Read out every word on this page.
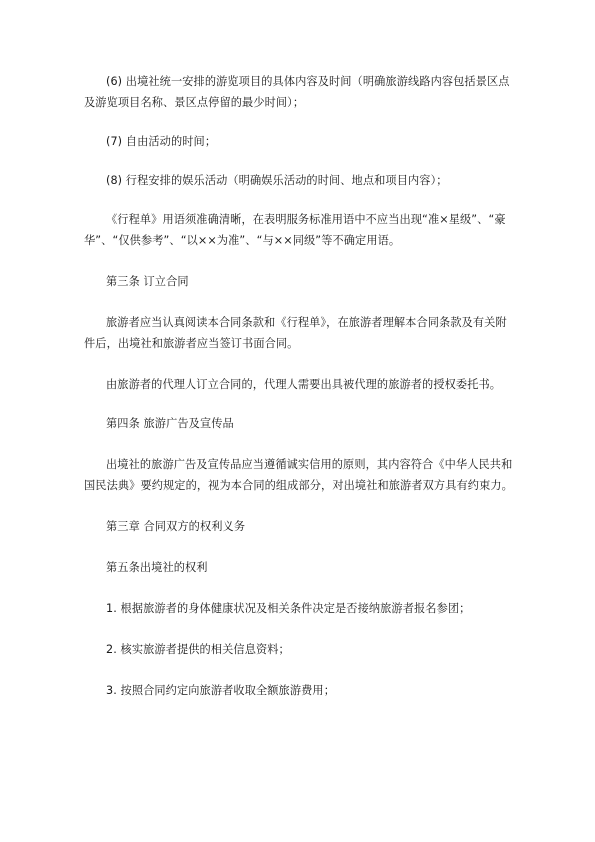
(6) 出境社统一安排的游览项目的具体内容及时间（明确旅游线路内容包括景区点及游览项目名称、景区点停留的最少时间）；

(7) 自由活动的时间；

(8) 行程安排的娱乐活动（明确娱乐活动的时间、地点和项目内容）；

《行程单》用语须准确清晰，在表明服务标准用语中不应当出现“准×星级”、“豪华”、“仅供参考”、“以××为准”、“与××同级”等不确定用语。

第三条 订立合同

旅游者应当认真阅读本合同条款和《行程单》，在旅游者理解本合同条款及有关附件后，出境社和旅游者应当签订书面合同。

由旅游者的代理人订立合同的，代理人需要出具被代理的旅游者的授权委托书。

第四条 旅游广告及宣传品

出境社的旅游广告及宣传品应当遵循诚实信用的原则，其内容符合《中华人民共和国民法典》要约规定的，视为本合同的组成部分，对出境社和旅游者双方具有约束力。

第三章 合同双方的权利义务

第五条出境社的权利

1. 根据旅游者的身体健康状况及相关条件决定是否接纳旅游者报名参团；

2. 核实旅游者提供的相关信息资料；

3. 按照合同约定向旅游者收取全额旅游费用；
